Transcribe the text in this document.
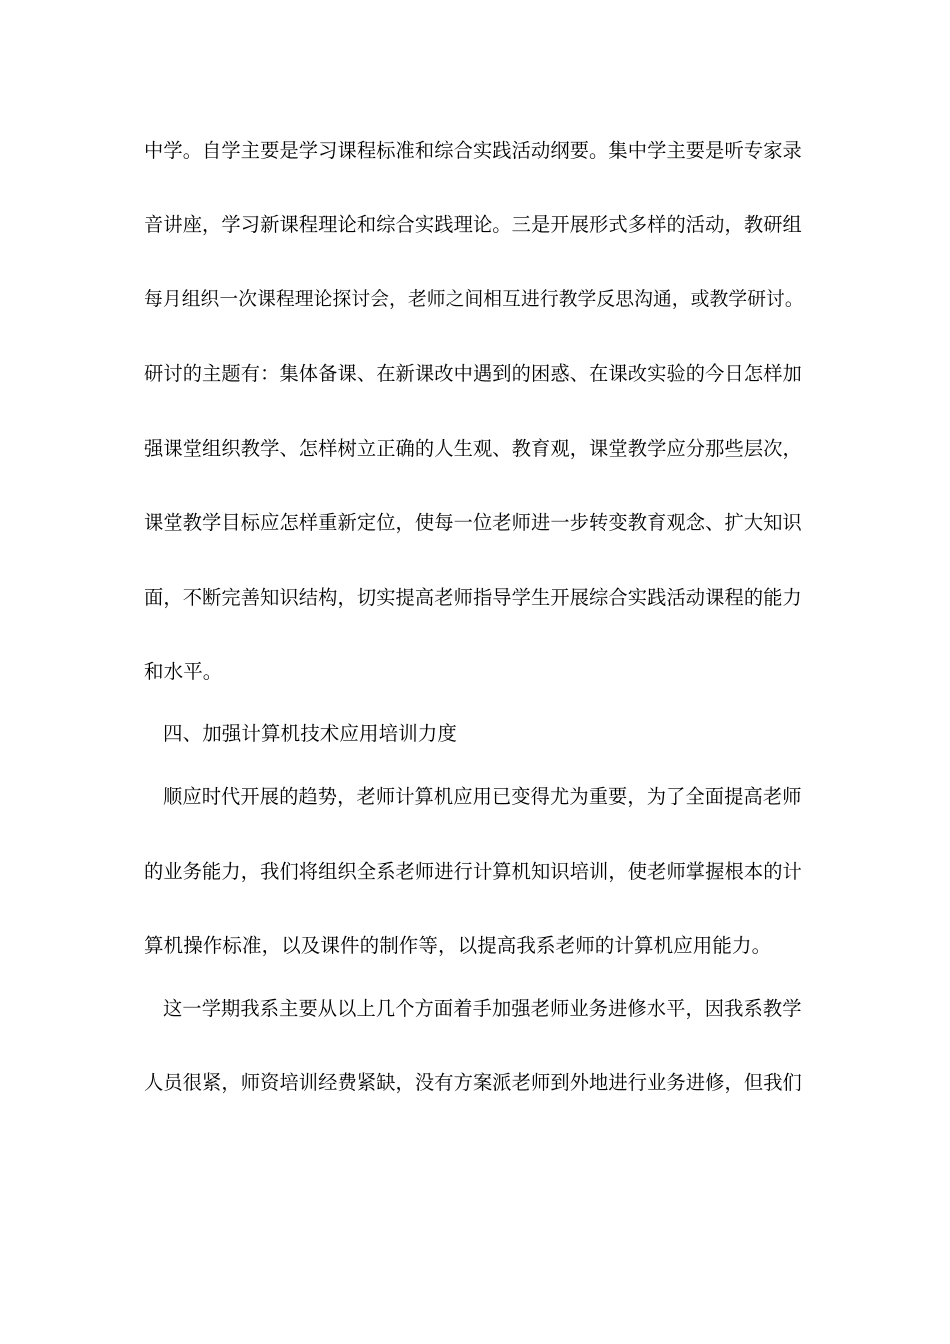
中学。自学主要是学习课程标准和综合实践活动纲要。集中学主要是听专家录
音讲座，学习新课程理论和综合实践理论。三是开展形式多样的活动，教研组
每月组织一次课程理论探讨会，老师之间相互进行教学反思沟通，或教学研讨。
研讨的主题有：集体备课、在新课改中遇到的困惑、在课改实验的今日怎样加
强课堂组织教学、怎样树立正确的人生观、教育观，课堂教学应分那些层次，
课堂教学目标应怎样重新定位，使每一位老师进一步转变教育观念、扩大知识
面，不断完善知识结构，切实提高老师指导学生开展综合实践活动课程的能力
和水平。
四、加强计算机技术应用培训力度
顺应时代开展的趋势，老师计算机应用已变得尤为重要，为了全面提高老师
的业务能力，我们将组织全系老师进行计算机知识培训，使老师掌握根本的计
算机操作标准，以及课件的制作等，以提高我系老师的计算机应用能力。
这一学期我系主要从以上几个方面着手加强老师业务进修水平，因我系教学
人员很紧，师资培训经费紧缺，没有方案派老师到外地进行业务进修，但我们
